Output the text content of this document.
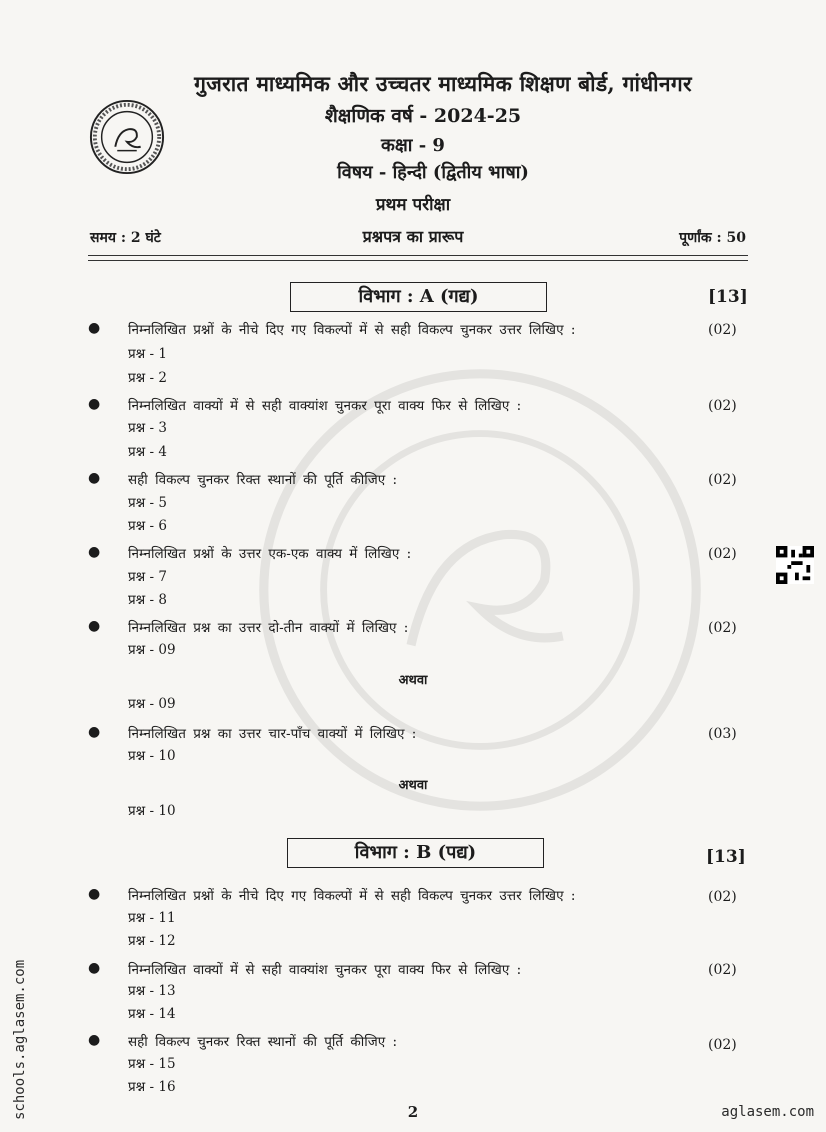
गुजरात माध्यमिक और उच्चतर माध्यमिक शिक्षण बोर्ड, गांधीनगर
शैक्षणिक वर्ष - 2024-25
कक्षा - 9
विषय - हिन्दी (द्वितीय भाषा)
प्रथम परीक्षा
समय : 2 घंटे	प्रश्नपत्र का प्रारूप	पूर्णांक : 50
विभाग : A (गद्य)	[13]
● निम्नलिखित प्रश्नों के नीचे दिए गए विकल्पों में से सही विकल्प चुनकर उत्तर लिखिए :	(02)
प्रश्न - 1
प्रश्न - 2
● निम्नलिखित वाक्यों में से सही वाक्यांश चुनकर पूरा वाक्य फिर से लिखिए :	(02)
प्रश्न - 3
प्रश्न - 4
● सही विकल्प चुनकर रिक्त स्थानों की पूर्ति कीजिए :	(02)
प्रश्न - 5
प्रश्न - 6
● निम्नलिखित प्रश्नों के उत्तर एक-एक वाक्य में लिखिए :	(02)
प्रश्न - 7
प्रश्न - 8
● निम्नलिखित प्रश्न का उत्तर दो-तीन वाक्यों में लिखिए :	(02)
प्रश्न - 09
अथवा
प्रश्न - 09
● निम्नलिखित प्रश्न का उत्तर चार-पाँच वाक्यों में लिखिए :	(03)
प्रश्न - 10
अथवा
प्रश्न - 10
विभाग : B (पद्य)	[13]
● निम्नलिखित प्रश्नों के नीचे दिए गए विकल्पों में से सही विकल्प चुनकर उत्तर लिखिए :	(02)
प्रश्न - 11
प्रश्न - 12
● निम्नलिखित वाक्यों में से सही वाक्यांश चुनकर पूरा वाक्य फिर से लिखिए :	(02)
प्रश्न - 13
प्रश्न - 14
● सही विकल्प चुनकर रिक्त स्थानों की पूर्ति कीजिए :	(02)
प्रश्न - 15
प्रश्न - 16
2
schools.aglasem.com	aglasem.com
